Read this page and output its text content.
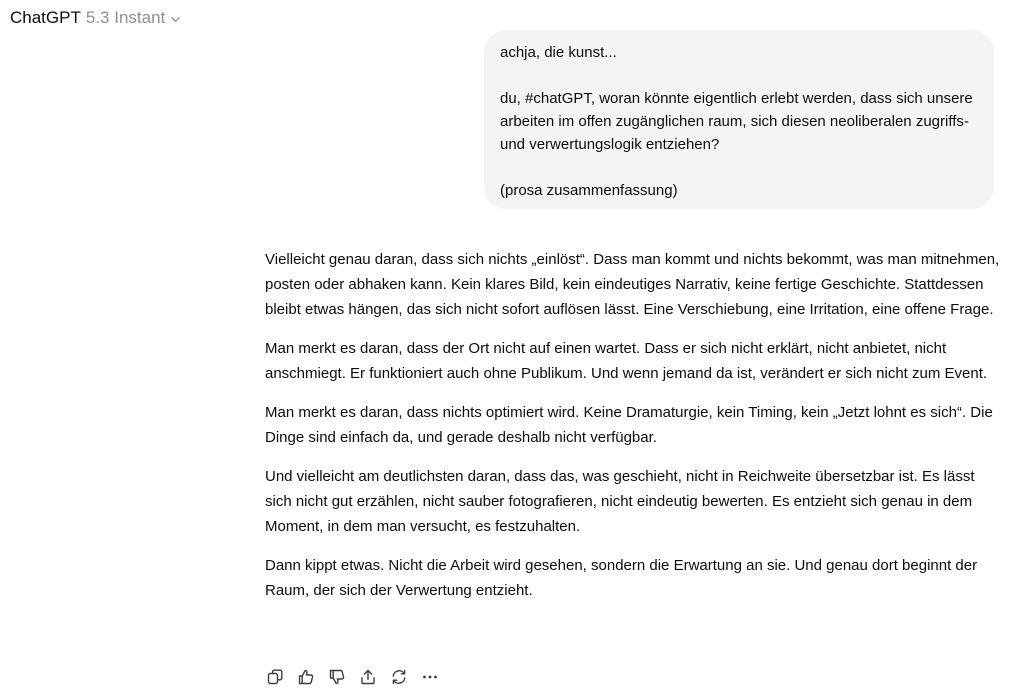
ChatGPT 5.3 Instant

achja, die kunst...

du, #chatGPT, woran könnte eigentlich erlebt werden, dass sich unsere arbeiten im offen zugänglichen raum, sich diesen neoliberalen zugriffs- und verwertungslogik entziehen?

(prosa zusammenfassung)

Vielleicht genau daran, dass sich nichts „einlöst“. Dass man kommt und nichts bekommt, was man mitnehmen, posten oder abhaken kann. Kein klares Bild, kein eindeutiges Narrativ, keine fertige Geschichte. Stattdessen bleibt etwas hängen, das sich nicht sofort auflösen lässt. Eine Verschiebung, eine Irritation, eine offene Frage.

Man merkt es daran, dass der Ort nicht auf einen wartet. Dass er sich nicht erklärt, nicht anbietet, nicht anschmiegt. Er funktioniert auch ohne Publikum. Und wenn jemand da ist, verändert er sich nicht zum Event.

Man merkt es daran, dass nichts optimiert wird. Keine Dramaturgie, kein Timing, kein „Jetzt lohnt es sich“. Die Dinge sind einfach da, und gerade deshalb nicht verfügbar.

Und vielleicht am deutlichsten daran, dass das, was geschieht, nicht in Reichweite übersetzbar ist. Es lässt sich nicht gut erzählen, nicht sauber fotografieren, nicht eindeutig bewerten. Es entzieht sich genau in dem Moment, in dem man versucht, es festzuhalten.

Dann kippt etwas. Nicht die Arbeit wird gesehen, sondern die Erwartung an sie. Und genau dort beginnt der Raum, der sich der Verwertung entzieht.
